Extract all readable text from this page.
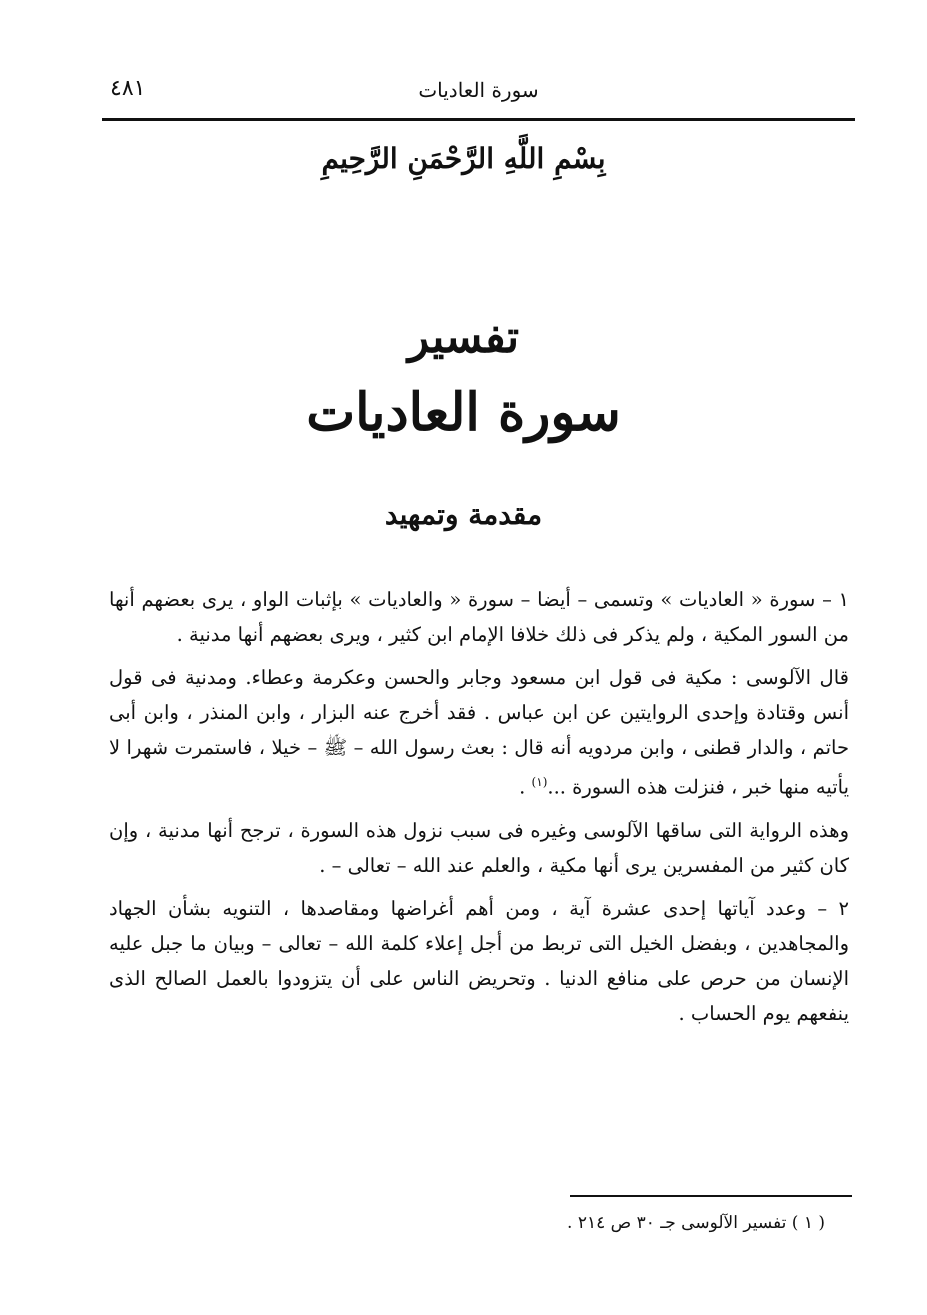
سورة العاديات
٤٨١
بِسْمِ اللَّهِ الرَّحْمَنِ الرَّحِيمِ
تفسير
سورة العاديات
مقدمة وتمهيد

١ – سورة « العاديات » وتسمى – أيضا – سورة « والعاديات » بإثبات الواو ، يرى بعضهم أنها من السور المكية ، ولم يذكر فى ذلك خلافا الإمام ابن كثير ، ويرى بعضهم أنها مدنية .

قال الآلوسى : مكية فى قول ابن مسعود وجابر والحسن وعكرمة وعطاء. ومدنية فى قول أنس وقتادة وإحدى الروايتين عن ابن عباس . فقد أخرج عنه البزار ، وابن المنذر ، وابن أبى حاتم ، والدار قطنى ، وابن مردويه أنه قال : بعث رسول الله – ﷺ – خيلا ، فاستمرت شهرا لا يأتيه منها خبر ، فنزلت هذه السورة ...$^{(١)}$ .

وهذه الرواية التى ساقها الآلوسى وغيره فى سبب نزول هذه السورة ، ترجح أنها مدنية ، وإن كان كثير من المفسرين يرى أنها مكية ، والعلم عند الله – تعالى – .

٢ – وعدد آياتها إحدى عشرة آية ، ومن أهم أغراضها ومقاصدها ، التنويه بشأن الجهاد والمجاهدين ، وبفضل الخيل التى تربط من أجل إعلاء كلمة الله – تعالى – وبيان ما جبل عليه الإنسان من حرص على منافع الدنيا . وتحريض الناس على أن يتزودوا بالعمل الصالح الذى ينفعهم يوم الحساب .

( ١ ) تفسير الآلوسى جـ ٣٠ ص ٢١٤ .
